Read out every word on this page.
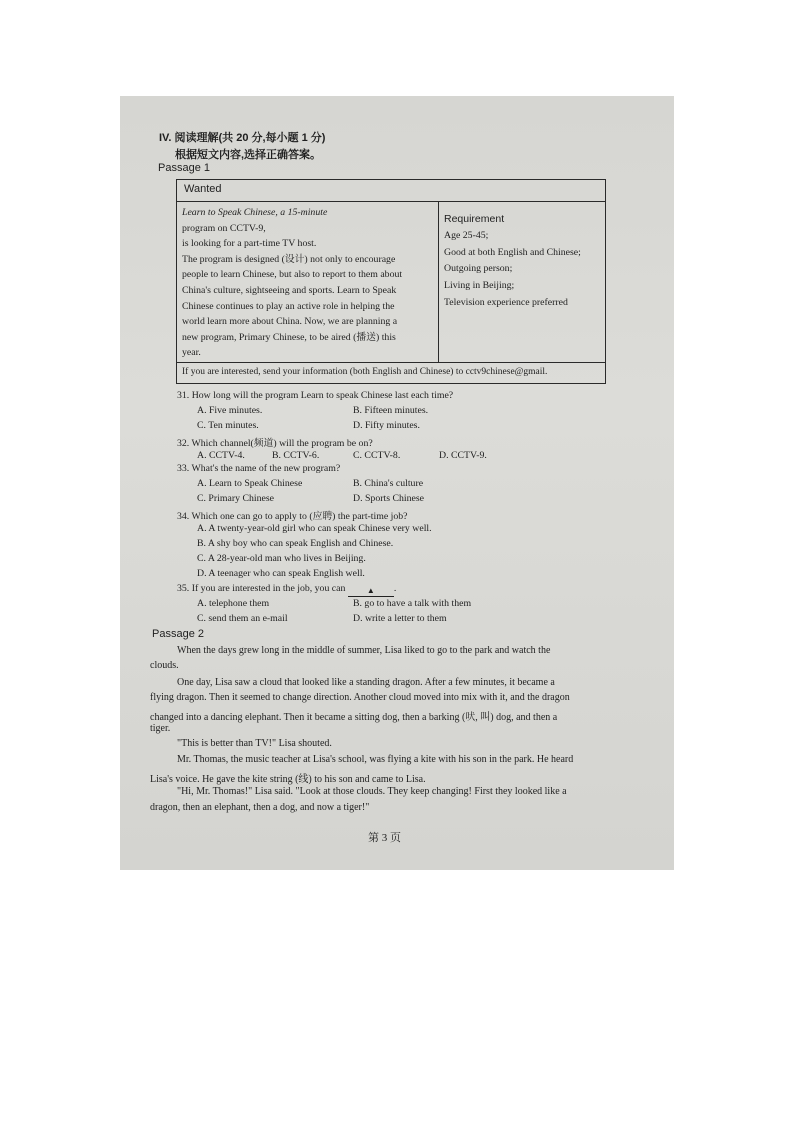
IV. 阅读理解(共 20 分,每小题 1 分)
根据短文内容,选择正确答案。
Passage 1
Wanted
Learn to Speak Chinese, a 15-minute
program on CCTV-9,
is looking for a part-time TV host.
The program is designed (设计) not only to encourage
people to learn Chinese, but also to report to them about
China's culture, sightseeing and sports. Learn to Speak
Chinese continues to play an active role in helping the
world learn more about China. Now, we are planning a
new program, Primary Chinese, to be aired (播送) this
year.
Requirement
Age 25-45;
Good at both English and Chinese;
Outgoing person;
Living in Beijing;
Television experience preferred
If you are interested, send your information (both English and Chinese) to cctv9chinese@gmail.
31. How long will the program Learn to speak Chinese last each time?
A. Five minutes.	B. Fifteen minutes.
C. Ten minutes.	D. Fifty minutes.
32. Which channel(频道) will the program be on?
A. CCTV-4.	B. CCTV-6.	C. CCTV-8.	D. CCTV-9.
33. What's the name of the new program?
A. Learn to Speak Chinese	B. China's culture
C. Primary Chinese	D. Sports Chinese
34. Which one can go to apply to (应聘) the part-time job?
A. A twenty-year-old girl who can speak Chinese very well.
B. A shy boy who can speak English and Chinese.
C. A 28-year-old man who lives in Beijing.
D. A teenager who can speak English well.
35. If you are interested in the job, you can	▲ .
A. telephone them	B. go to have a talk with them
C. send them an e-mail	D. write a letter to them
Passage 2
When the days grew long in the middle of summer, Lisa liked to go to the park and watch the
clouds.
One day, Lisa saw a cloud that looked like a standing dragon. After a few minutes, it became a
flying dragon. Then it seemed to change direction. Another cloud moved into mix with it, and the dragon
changed into a dancing elephant. Then it became a sitting dog, then a barking (吠, 叫) dog, and then a
tiger.
"This is better than TV!" Lisa shouted.
Mr. Thomas, the music teacher at Lisa's school, was flying a kite with his son in the park. He heard
Lisa's voice. He gave the kite string (线) to his son and came to Lisa.
"Hi, Mr. Thomas!" Lisa said. "Look at those clouds. They keep changing! First they looked like a
dragon, then an elephant, then a dog, and now a tiger!"
第 3 页
